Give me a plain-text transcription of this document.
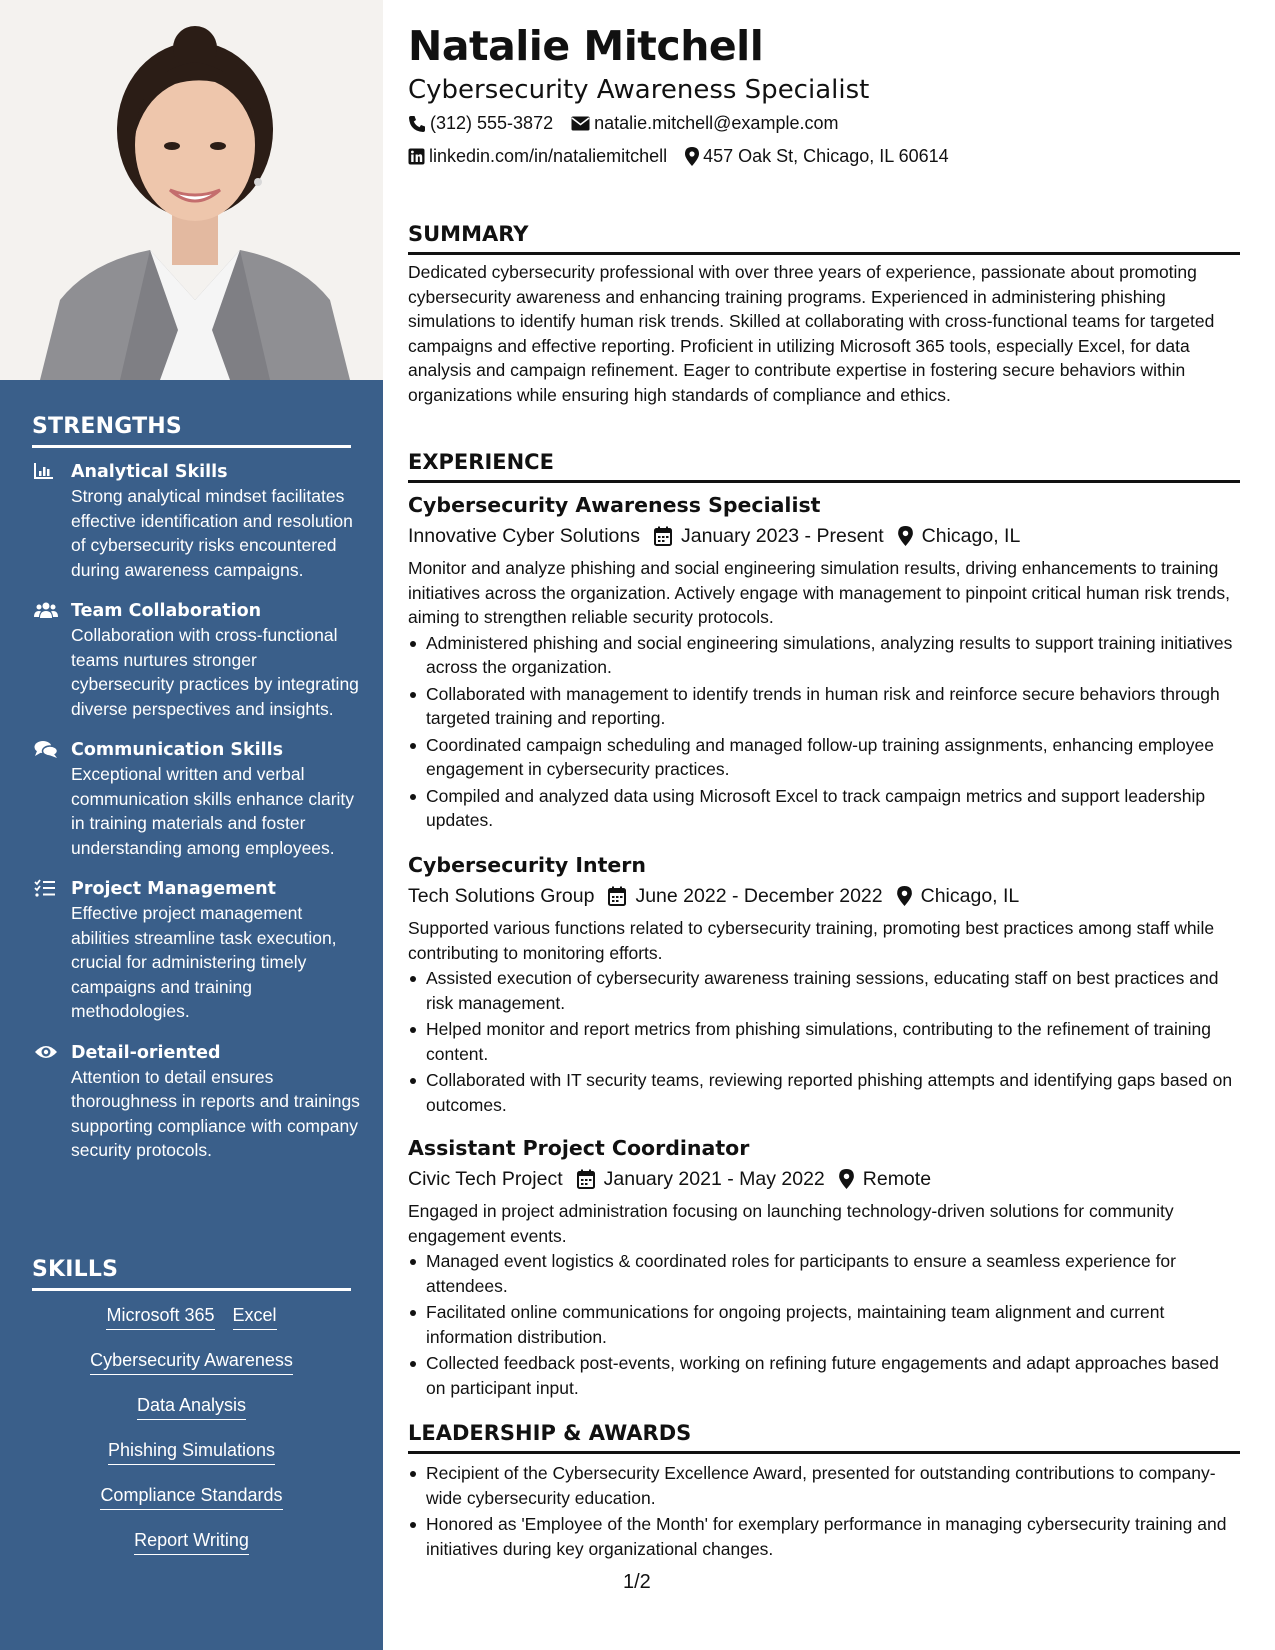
STRENGTHS
Analytical Skills
Strong analytical mindset facilitates effective identification and resolution of cybersecurity risks encountered during awareness campaigns.
Team Collaboration
Collaboration with cross-functional teams nurtures stronger cybersecurity practices by integrating diverse perspectives and insights.
Communication Skills
Exceptional written and verbal communication skills enhance clarity in training materials and foster understanding among employees.
Project Management
Effective project management abilities streamline task execution, crucial for administering timely campaigns and training methodologies.
Detail-oriented
Attention to detail ensures thoroughness in reports and trainings supporting compliance with company security protocols.
SKILLS
Microsoft 365 Excel
Cybersecurity Awareness
Data Analysis
Phishing Simulations
Compliance Standards
Report Writing
Natalie Mitchell
Cybersecurity Awareness Specialist
(312) 555-3872 natalie.mitchell@example.com
linkedin.com/in/nataliemitchell 457 Oak St, Chicago, IL 60614
SUMMARY
Dedicated cybersecurity professional with over three years of experience, passionate about promoting cybersecurity awareness and enhancing training programs. Experienced in administering phishing simulations to identify human risk trends. Skilled at collaborating with cross-functional teams for targeted campaigns and effective reporting. Proficient in utilizing Microsoft 365 tools, especially Excel, for data analysis and campaign refinement. Eager to contribute expertise in fostering secure behaviors within organizations while ensuring high standards of compliance and ethics.
EXPERIENCE
Cybersecurity Awareness Specialist
Innovative Cyber Solutions January 2023 - Present Chicago, IL
Monitor and analyze phishing and social engineering simulation results, driving enhancements to training initiatives across the organization. Actively engage with management to pinpoint critical human risk trends, aiming to strengthen reliable security protocols.
Administered phishing and social engineering simulations, analyzing results to support training initiatives across the organization.
Collaborated with management to identify trends in human risk and reinforce secure behaviors through targeted training and reporting.
Coordinated campaign scheduling and managed follow-up training assignments, enhancing employee engagement in cybersecurity practices.
Compiled and analyzed data using Microsoft Excel to track campaign metrics and support leadership updates.
Cybersecurity Intern
Tech Solutions Group June 2022 - December 2022 Chicago, IL
Supported various functions related to cybersecurity training, promoting best practices among staff while contributing to monitoring efforts.
Assisted execution of cybersecurity awareness training sessions, educating staff on best practices and risk management.
Helped monitor and report metrics from phishing simulations, contributing to the refinement of training content.
Collaborated with IT security teams, reviewing reported phishing attempts and identifying gaps based on outcomes.
Assistant Project Coordinator
Civic Tech Project January 2021 - May 2022 Remote
Engaged in project administration focusing on launching technology-driven solutions for community engagement events.
Managed event logistics & coordinated roles for participants to ensure a seamless experience for attendees.
Facilitated online communications for ongoing projects, maintaining team alignment and current information distribution.
Collected feedback post-events, working on refining future engagements and adapt approaches based on participant input.
LEADERSHIP & AWARDS
Recipient of the Cybersecurity Excellence Award, presented for outstanding contributions to company-wide cybersecurity education.
Honored as 'Employee of the Month' for exemplary performance in managing cybersecurity training and initiatives during key organizational changes.
1/2
